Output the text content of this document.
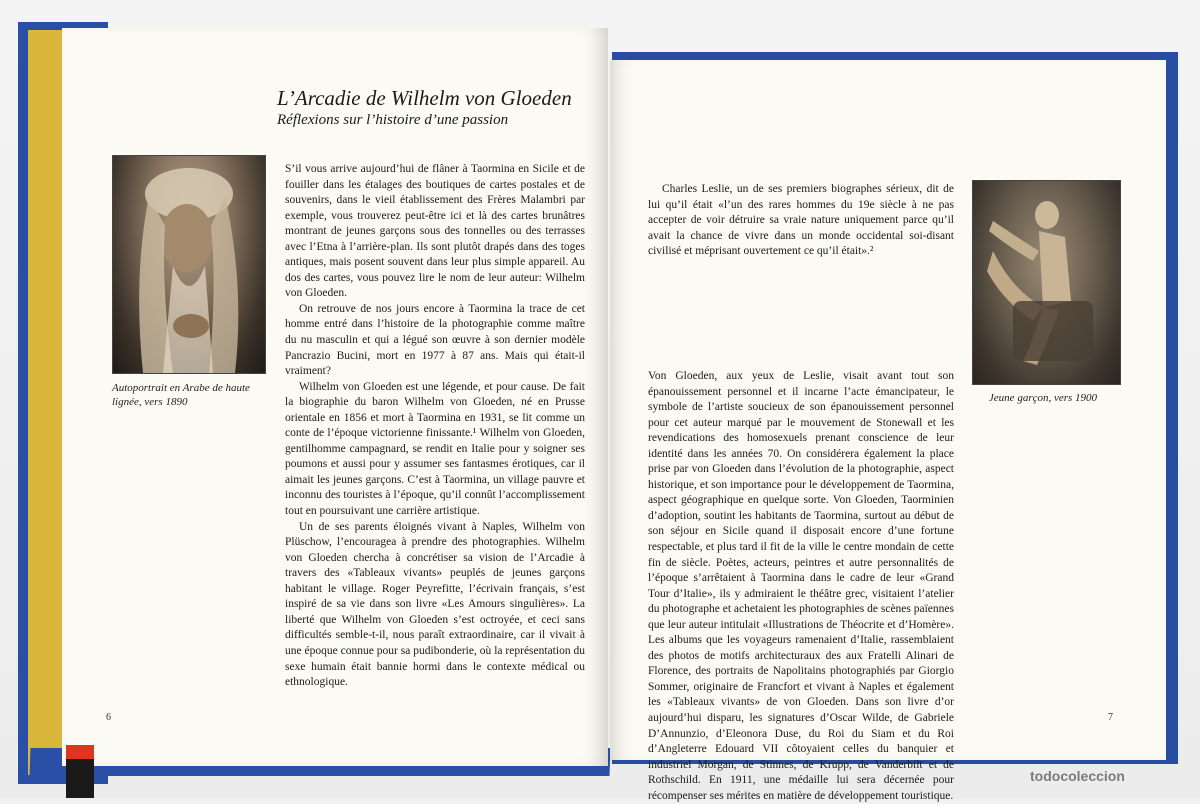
L’Arcadie de Wilhelm von Gloeden
Réflexions sur l’histoire d’une passion
Autoportrait en Arabe de haute lignée, vers 1890	Jeune garçon, vers 1900

S’il vous arrive aujourd’hui de flâner à Taormina en Sicile et de fouiller dans les étalages des boutiques de cartes postales et de souvenirs, dans le vieil établissement des Frères Malambri par exemple, vous trouverez peut-être ici et là des cartes brunâtres montrant de jeunes garçons sous des tonnelles ou des terrasses avec l’Etna à l’arrière-plan. Ils sont plutôt drapés dans des toges antiques, mais posent souvent dans leur plus simple appareil. Au dos des cartes, vous pouvez lire le nom de leur auteur: Wilhelm von Gloeden.

On retrouve de nos jours encore à Taormina la trace de cet homme entré dans l’histoire de la photographie comme maître du nu masculin et qui a légué son œuvre à son dernier modèle Pancrazio Bucini, mort en 1977 à 87 ans. Mais qui était-il vraiment?

Wilhelm von Gloeden est une légende, et pour cause. De fait la biographie du baron Wilhelm von Gloeden, né en Prusse orientale en 1856 et mort à Taormina en 1931, se lit comme un conte de l’époque victorienne finissante.¹ Wilhelm von Gloeden, gentilhomme campagnard, se rendit en Italie pour y soigner ses poumons et aussi pour y assumer ses fantasmes érotiques, car il aimait les jeunes garçons. C’est à Taormina, un village pauvre et inconnu des touristes à l’époque, qu’il connût l’accomplissement tout en poursuivant une carrière artistique.

Un de ses parents éloignés vivant à Naples, Wilhelm von Plüschow, l’encouragea à prendre des photographies. Wilhelm von Gloeden chercha à concrétiser sa vision de l’Arcadie à travers des «Tableaux vivants» peuplés de jeunes garçons habitant le village. Roger Peyrefitte, l’écrivain français, s’est inspiré de sa vie dans son livre «Les Amours singulières». La liberté que Wilhelm von Gloeden s’est octroyée, et ceci sans difficultés semble-t-il, nous paraît extraordinaire, car il vivait à une époque connue pour sa pudibonderie, où la représentation du sexe humain était bannie hormi dans le contexte médical ou ethnologique.

Charles Leslie, un de ses premiers biographes sérieux, dit de lui qu’il était «l’un des rares hommes du 19e siècle à ne pas accepter de voir détruire sa vraie nature uniquement parce qu’il avait la chance de vivre dans un monde occidental soi-disant civilisé et méprisant ouvertement ce qu’il était».²

Von Gloeden, aux yeux de Leslie, visait avant tout son épanouissement personnel et il incarne l’acte émancipateur, le symbole de l’artiste soucieux de son épanouissement personnel pour cet auteur marqué par le mouvement de Stonewall et les revendications des homosexuels prenant conscience de leur identité dans les années 70. On considérera également la place prise par von Gloeden dans l’évolution de la photographie, aspect historique, et son importance pour le développement de Taormina, aspect géographique en quelque sorte. Von Gloeden, Taorminien d’adoption, soutint les habitants de Taormina, surtout au début de son séjour en Sicile quand il disposait encore d’une fortune respectable, et plus tard il fit de la ville le centre mondain de cette fin de siècle. Poètes, acteurs, peintres et autre personnalités de l’époque s’arrêtaient à Taormina dans le cadre de leur «Grand Tour d’Italie», ils y admiraient le théâtre grec, visitaient l’atelier du photographe et achetaient les photographies de scènes païennes que leur auteur intitulait «Illustrations de Théocrite et d’Homère». Les albums que les voyageurs ramenaient d’Italie, rassemblaient des photos de motifs architecturaux des aux Fratelli Alinari de Florence, des portraits de Napolitains photographiés par Giorgio Sommer, originaire de Francfort et vivant à Naples et également les «Tableaux vivants» de von Gloeden. Dans son livre d’or aujourd’hui disparu, les signatures d’Oscar Wilde, de Gabriele D’Annunzio, d’Eleonora Duse, du Roi du Siam et du Roi d’Angleterre Edouard VII côtoyaient celles du banquier et industriel Morgan, de Stinnes, de Krupp, de Vanderbilt et de Rothschild. En 1911, une médaille lui sera décernée pour récompenser ses mérites en matière de développement touristique.

6	7
todocoleccion
